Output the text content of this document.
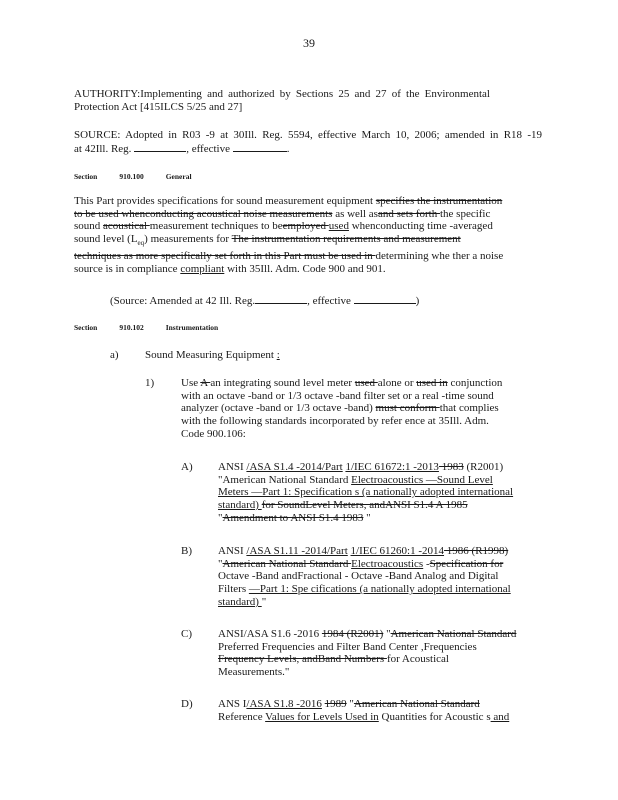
39
AUTHORITY:Implementing and authorized by Sections 25 and 27 of the Environmental
Protection Act [415ILCS 5/25 and 27]
SOURCE: Adopted in R03 -9 at 30Ill. Reg. 5594, effective March 10, 2006; amended in R18 -19
at 42Ill. Reg.	, effective	.
Section	910.100	General
This Part provides specifications for sound measurement equipment specifies the instrumentation
to be used whenconducting acoustical noise measurements as well asand sets forth the specific
sound acoustical measurement techniques to beemployed used whenconducting time -averaged
sound level $(L_{eq})$ measurements for The instrumentation requirements and measurement
techniques as more specifically set forth in this Part must be used in determining whe ther a noise
source is in compliance compliant with 35Ill. Adm. Code 900 and 901.
(Source: Amended at 42 Ill. Reg.	, effective	)
Section	910.102	Instrumentation
a) Sound Measuring Equipment :
1) Use A an integrating sound level meter used alone or used in conjunction
with an octave -band or 1/3 octave -band filter set or a real -time sound
analyzer (octave -band or 1/3 octave -band) must conform that complies
with the following standards incorporated by refer ence at 35Ill. Adm.
Code 900.106:
A) ANSI /ASA S1.4 -2014/Part 1/IEC 61672:1 -2013 1983 (R2001)
"American National Standard Electroacoustics —Sound Level
Meters —Part 1: Specification s (a nationally adopted international
standard) for SoundLevel Meters, andANSI S1.4 A 1985
"Amendment to ANSI S1.4 1983 "
B) ANSI /ASA S1.11 -2014/Part 1/IEC 61260:1 -2014 1986 (R1998)
"American National Standard Electroacoustics -Specification for
Octave -Band andFractional - Octave -Band Analog and Digital
Filters —Part 1: Spe cifications (a nationally adopted international
standard) "
C) ANSI/ASA S1.6 -2016 1984 (R2001) "American National Standard
Preferred Frequencies and Filter Band Center ,Frequencies
Frequency Levels, andBand Numbers for Acoustical
Measurements."
D) ANS I/ASA S1.8 -2016 1989 "American National Standard
Reference Values for Levels Used in Quantities for Acoustic s and
